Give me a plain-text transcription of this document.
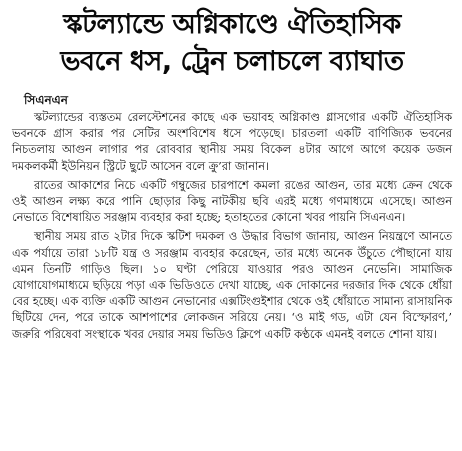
স্কটল্যান্ডে অগ্নিকাণ্ডে ঐতিহাসিক
ভবনে ধস, ট্রেন চলাচলে ব্যাঘাত
সিএনএন

স্কটল্যান্ডের ব্যস্ততম রেলস্টেশনের কাছে এক ভয়াবহ অগ্নিকাণ্ড গ্লাসগোর একটি ঐতিহাসিক ভবনকে গ্রাস করার পর সেটির অংশবিশেষ ধসে পড়েছে। চারতলা একটি বাণিজ্যিক ভবনের নিচতলায় আগুন লাগার পর রোববার স্থানীয় সময় বিকেল ৪টার আগে আগে কয়েক ডজন দমকলকর্মী ইউনিয়ন স্ট্রিটে ছুটে আসেন বলে ক্রু’রা জানান।

রাতের আকাশের নিচে একটি গম্বুজের চারপাশে কমলা রঙের আগুন, তার মধ্যে ক্রেন থেকে ওই আগুন লক্ষ্য করে পানি ছোড়ার কিছু নাটকীয় ছবি এরই মধ্যে গণমাধ্যমে এসেছে। আগুন নেভাতে বিশেষায়িত সরঞ্জাম ব্যবহার করা হচ্ছে; হতাহতের কোনো খবর পায়নি সিএনএন।

স্থানীয় সময় রাত ২টার দিকে স্কটিশ দমকল ও উদ্ধার বিভাগ জানায়, আগুন নিয়ন্ত্রণে আনতে এক পর্যায়ে তারা ১৮টি যন্ত্র ও সরঞ্জাম ব্যবহার করেছেন, তার মধ্যে অনেক উঁচুতে পৌছানো যায় এমন তিনটি গাড়িও ছিল। ১০ ঘণ্টা পেরিয়ে যাওয়ার পরও আগুন নেভেনি। সামাজিক যোগাযোগমাধ্যমে ছড়িয়ে পড়া এক ভিডিওতে দেখা যাচ্ছে, এক দোকানের দরজার দিক থেকে ধোঁয়া বের হচ্ছে। এক ব্যক্তি একটি আগুন নেভানোর এক্সটিংগুইশার থেকে ওই ধোঁয়াতে সামান্য রাসায়নিক ছিটিয়ে দেন, পরে তাকে আশপাশের লোকজন সরিয়ে নেয়। ‘ও মাই গড, এটা যেন বিস্ফোরণ,’ জরুরি পরিষেবা সংস্থাকে খবর দেয়ার সময় ভিডিও ক্লিপে একটি কণ্ঠকে এমনই বলতে শোনা যায়।
